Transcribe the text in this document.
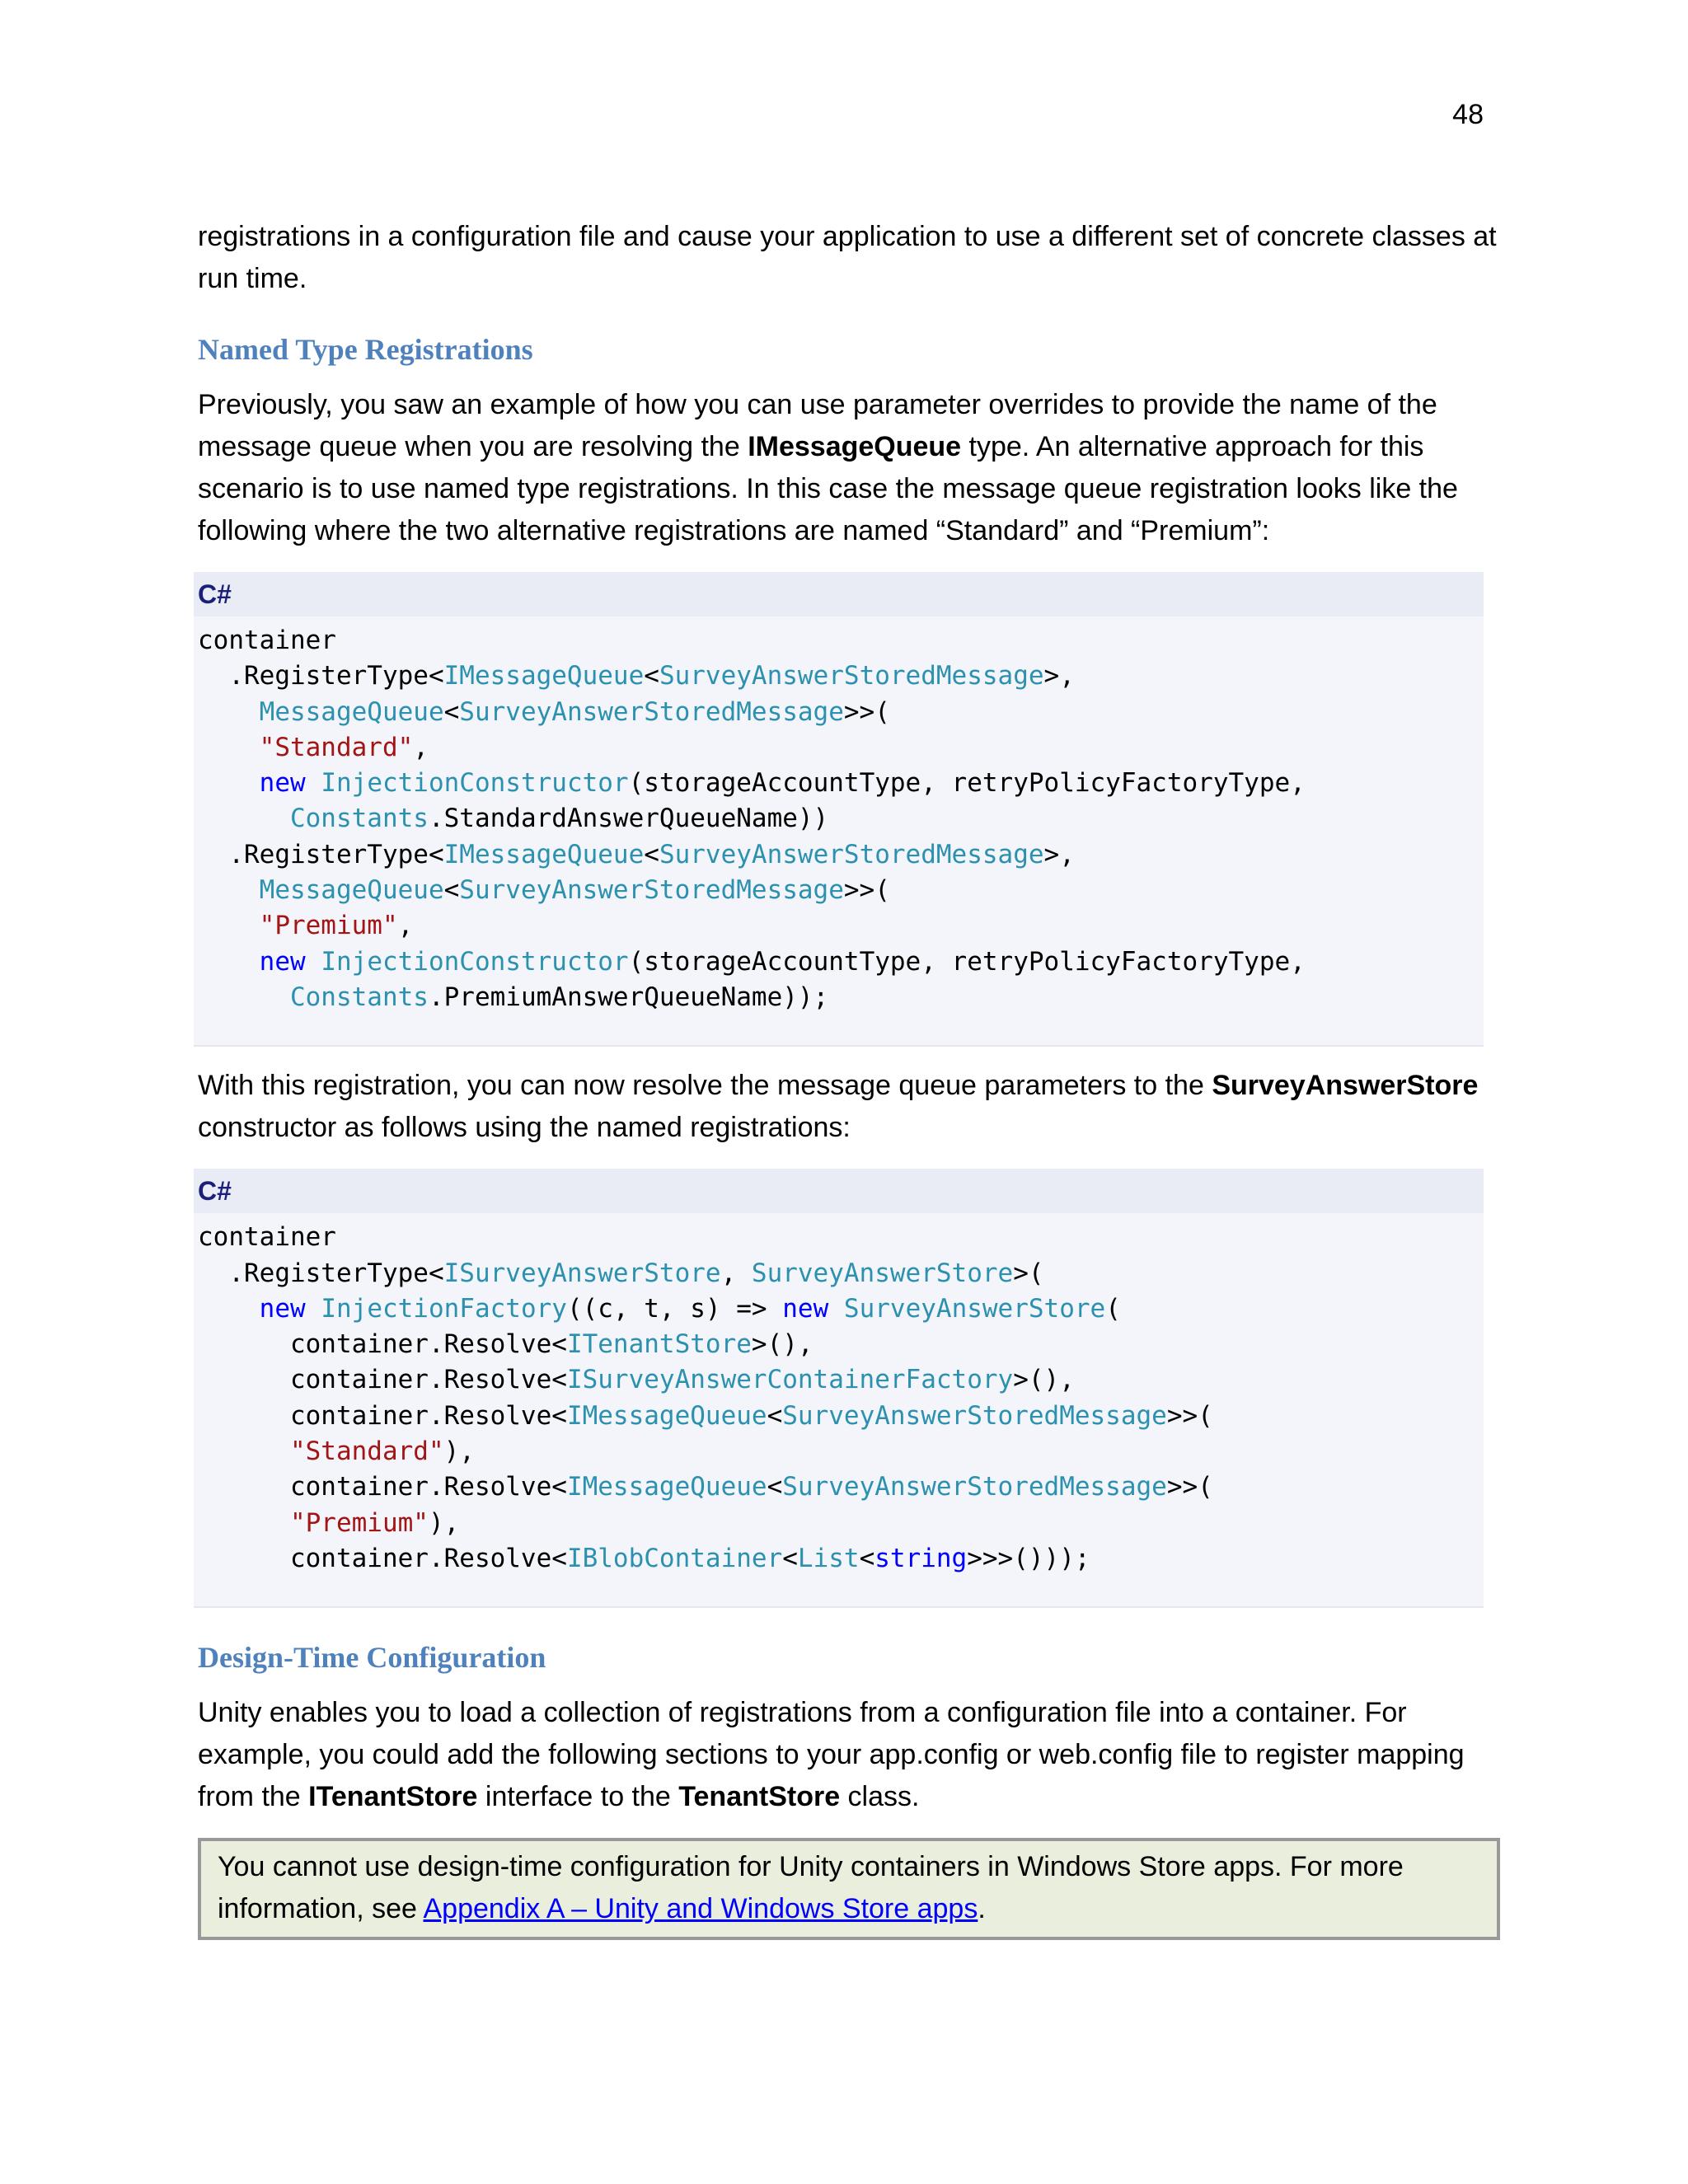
48

registrations in a configuration file and cause your application to use a different set of concrete classes at run time.

Named Type Registrations

Previously, you saw an example of how you can use parameter overrides to provide the name of the message queue when you are resolving the IMessageQueue type. An alternative approach for this scenario is to use named type registrations. In this case the message queue registration looks like the following where the two alternative registrations are named “Standard” and “Premium”:

C#
container
.RegisterType<IMessageQueue<SurveyAnswerStoredMessage>,
MessageQueue<SurveyAnswerStoredMessage>>(
"Standard",
new InjectionConstructor(storageAccountType, retryPolicyFactoryType,
Constants.StandardAnswerQueueName))
.RegisterType<IMessageQueue<SurveyAnswerStoredMessage>,
MessageQueue<SurveyAnswerStoredMessage>>(
"Premium",
new InjectionConstructor(storageAccountType, retryPolicyFactoryType,
Constants.PremiumAnswerQueueName));

With this registration, you can now resolve the message queue parameters to the SurveyAnswerStore constructor as follows using the named registrations:

C#
container
.RegisterType<ISurveyAnswerStore, SurveyAnswerStore>(
new InjectionFactory((c, t, s) => new SurveyAnswerStore(
container.Resolve<ITenantStore>(),
container.Resolve<ISurveyAnswerContainerFactory>(),
container.Resolve<IMessageQueue<SurveyAnswerStoredMessage>>(
"Standard"),
container.Resolve<IMessageQueue<SurveyAnswerStoredMessage>>(
"Premium"),
container.Resolve<IBlobContainer<List<string>>>()));
Design-Time Configuration

Unity enables you to load a collection of registrations from a configuration file into a container. For example, you could add the following sections to your app.config or web.config file to register mapping from the ITenantStore interface to the TenantStore class.

You cannot use design-time configuration for Unity containers in Windows Store apps. For more information, see Appendix A – Unity and Windows Store apps.
